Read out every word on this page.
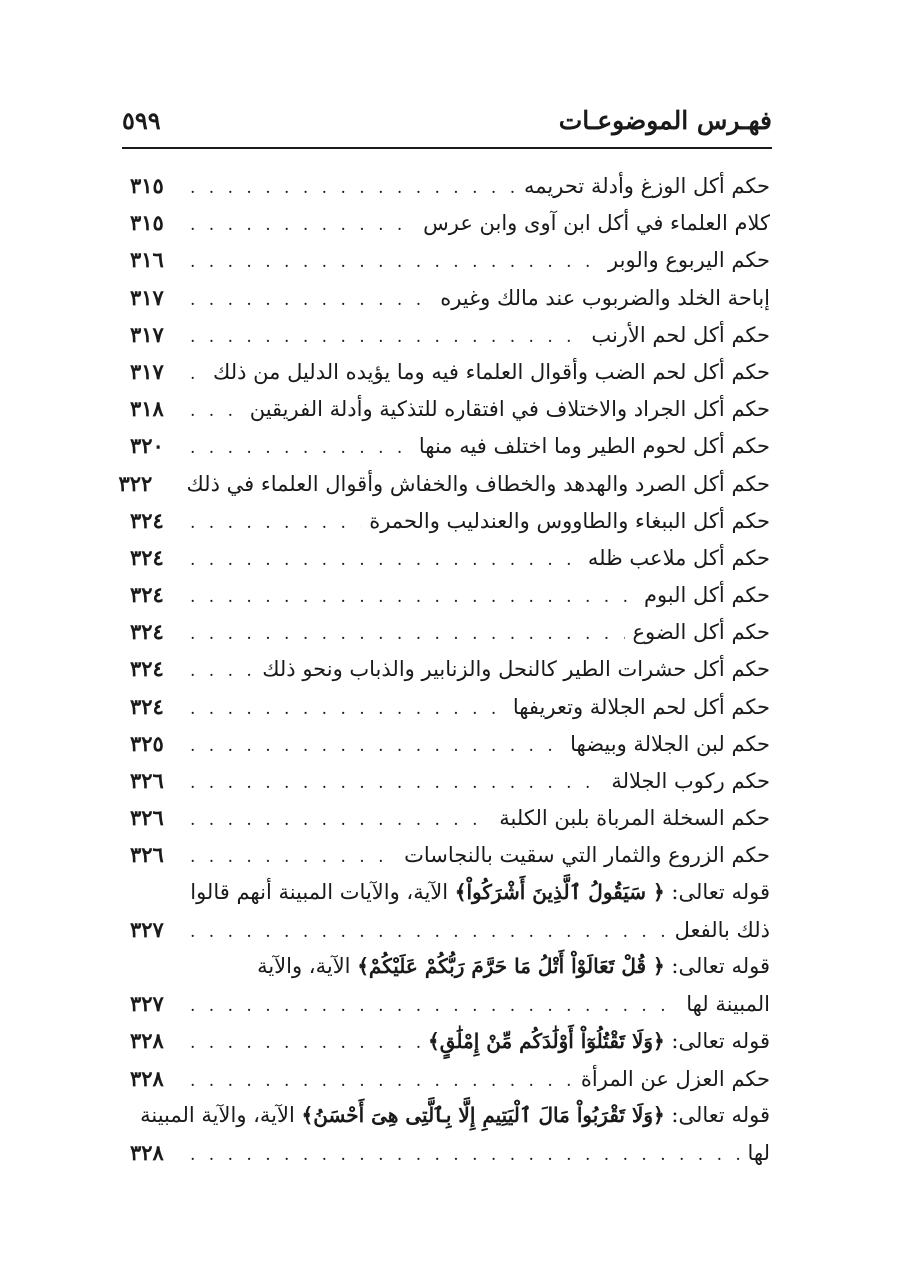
فهـرس الموضوعـات
٥٩٩
حكم أكل الوزغ وأدلة تحريمه
. . .
٣١٥
كلام العلماء في أكل ابن آوى وابن عرس
. . .
٣١٥
حكم اليربوع والوبر
. . .
٣١٦
إباحة الخلد والضربوب عند مالك وغيره
. . .
٣١٧
حكم أكل لحم الأرنب
. . .
٣١٧
حكم أكل لحم الضب وأقوال العلماء فيه وما يؤيده الدليل من ذلك
. . .
٣١٧
حكم أكل الجراد والاختلاف في افتقاره للتذكية وأدلة الفريقين
. . .
٣١٨
حكم أكل لحوم الطير وما اختلف فيه منها
. . .
٣٢٠
حكم أكل الصرد والهدهد والخطاف والخفاش وأقوال العلماء في ذلك
٣٢٢
حكم أكل الببغاء والطاووس والعندليب والحمرة
. . .
٣٢٤
حكم أكل ملاعب ظله
. . .
٣٢٤
حكم أكل البوم
. . .
٣٢٤
حكم أكل الضوع
. . .
٣٢٤
حكم أكل حشرات الطير كالنحل والزنابير والذباب ونحو ذلك
. . .
٣٢٤
حكم أكل لحم الجلالة وتعريفها
. . .
٣٢٤
حكم لبن الجلالة وبيضها
. . .
٣٢٥
حكم ركوب الجلالة
. . .
٣٢٦
حكم السخلة المرباة بلبن الكلبة
. . .
٣٢٦
حكم الزروع والثمار التي سقيت بالنجاسات
. . .
٣٢٦
قوله تعالى: ﴿ سَيَقُولُ ٱلَّذِينَ أَشْرَكُواْ﴾ الآية، والآيات المبينة أنهم قالوا
ذلك بالفعل
. . .
٣٢٧
قوله تعالى: ﴿ قُلْ تَعَالَوْاْ أَتْلُ مَا حَرَّمَ رَبُّكُمْ عَلَيْكُمْ﴾ الآية، والآية
المبينة لها
. . .
٣٢٧
قوله تعالى: ﴿وَلَا تَقْتُلُوٓاْ أَوْلَٰدَكُم مِّنْ إِمْلَٰقٍ﴾
. . .
٣٢٨
حكم العزل عن المرأة
. . .
٣٢٨
قوله تعالى: ﴿وَلَا تَقْرَبُواْ مَالَ ٱلْيَتِيمِ إِلَّا بِٱلَّتِى هِىَ أَحْسَنُ﴾ الآية، والآية المبينة
لها
. . .
٣٢٨
